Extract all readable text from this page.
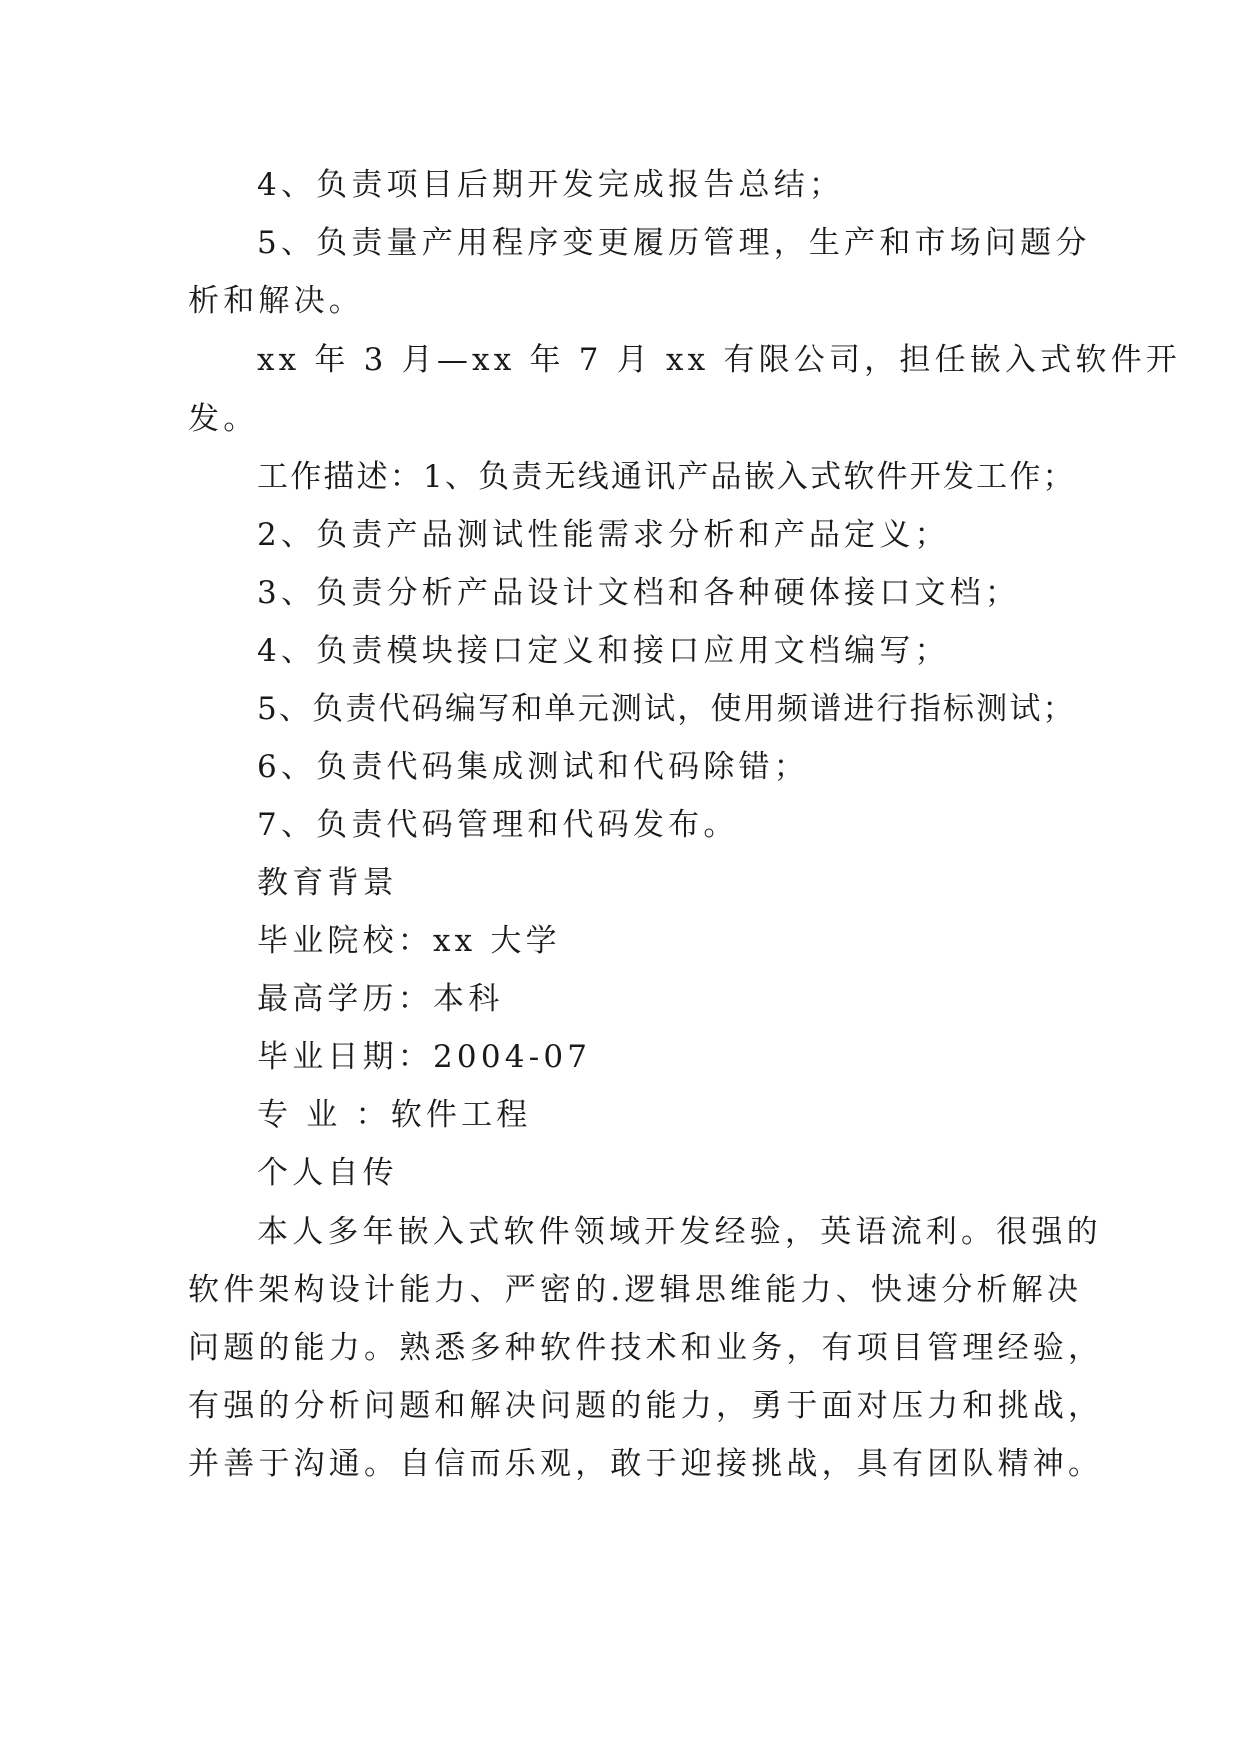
4、负责项目后期开发完成报告总结；
5、负责量产用程序变更履历管理，生产和市场问题分
析和解决。
xx 年 3 月—xx 年 7 月 xx 有限公司，担任嵌入式软件开
发。
工作描述：1、负责无线通讯产品嵌入式软件开发工作；
2、负责产品测试性能需求分析和产品定义；
3、负责分析产品设计文档和各种硬体接口文档；
4、负责模块接口定义和接口应用文档编写；
5、负责代码编写和单元测试，使用频谱进行指标测试；
6、负责代码集成测试和代码除错；
7、负责代码管理和代码发布。
教育背景
毕业院校：xx 大学
最高学历：本科
毕业日期：2004-07
专 业 ：软件工程
个人自传
本人多年嵌入式软件领域开发经验，英语流利。很强的
软件架构设计能力、严密的.逻辑思维能力、快速分析解决
问题的能力。熟悉多种软件技术和业务，有项目管理经验，
有强的分析问题和解决问题的能力，勇于面对压力和挑战，
并善于沟通。自信而乐观，敢于迎接挑战，具有团队精神。
